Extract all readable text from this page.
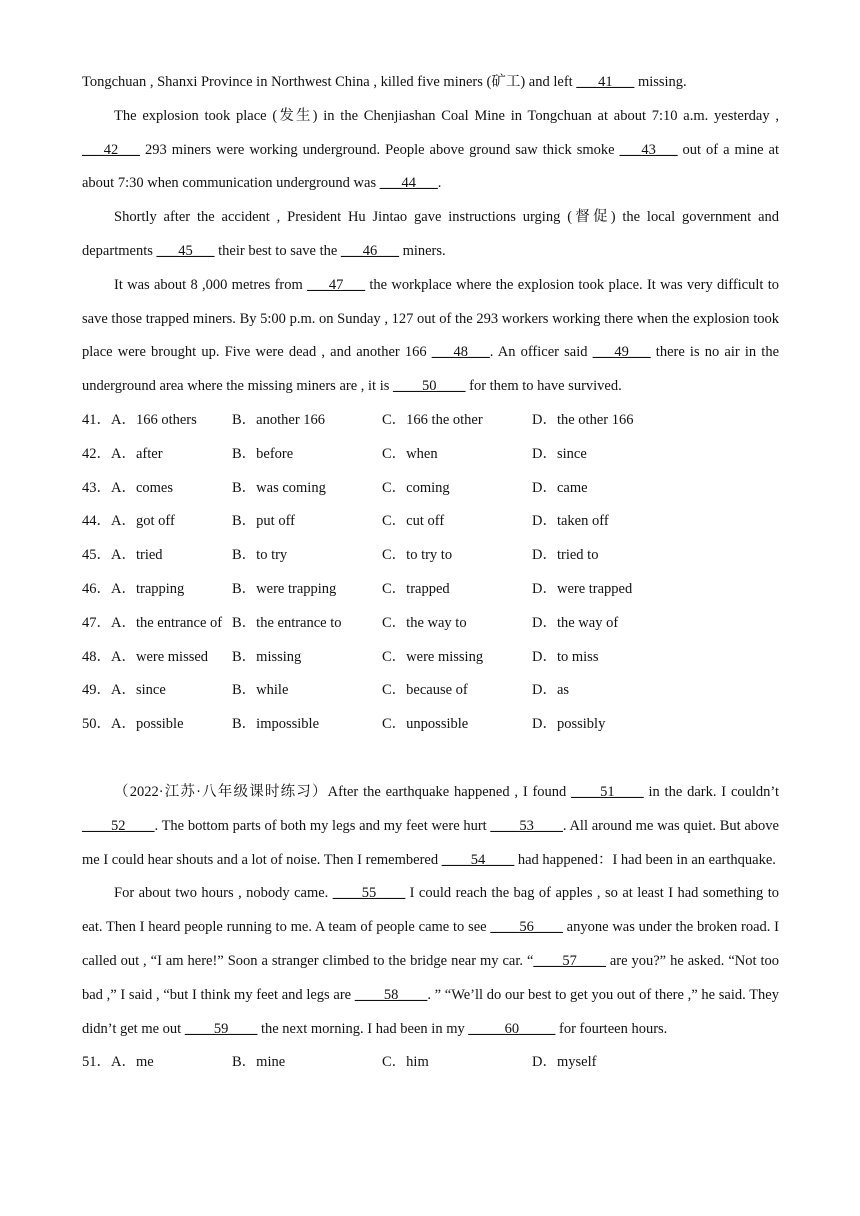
Tongchuan , Shanxi Province in Northwest China , killed five miners (矿工) and left ___41___ missing.

The explosion took place (发生) in the Chenjiashan Coal Mine in Tongchuan at about 7:10 a.m. yesterday , ___42___ 293 miners were working underground. People above ground saw thick smoke ___43___ out of a mine at about 7:30 when communication underground was ___44___.

Shortly after the accident , President Hu Jintao gave instructions urging (督促) the local government and departments ___45___ their best to save the ___46___ miners.

It was about 8 ,000 metres from ___47___ the workplace where the explosion took place. It was very difficult to save those trapped miners. By 5:00 p.m. on Sunday , 127 out of the 293 workers working there when the explosion took place were brought up. Five were dead , and another 166 ___48___. An officer said ___49___ there is no air in the underground area where the missing miners are , it is ____50____ for them to have survived.

41．A．166 others B．another 166	C．166 the other	D．the other 166
42．A．after	B．before	C．when	D．since
43．A．comes	B．was coming	C．coming	D．came
44．A．got off	B．put off	C．cut off	D．taken off
45．A．tried	B．to try	C．to try to	D．tried to
46．A．trapping	B．were trapping	C．trapped	D．were trapped
47．A．the entrance of B．the entrance to	C．the way to	D．the way of
48．A．were missed B．missing	C．were missing	D．to miss
49．A．since	B．while	C．because of	D．as
50．A．possible	B．impossible	C．unpossible	D．possibly

（2022·江苏·八年级课时练习）After the earthquake happened , I found ____51____ in the dark. I couldn’t ____52____. The bottom parts of both my legs and my feet were hurt ____53____. All around me was quiet. But above me I could hear shouts and a lot of noise. Then I remembered ____54____ had happened：I had been in an earthquake.

For about two hours , nobody came. ____55____ I could reach the bag of apples , so at least I had something to eat. Then I heard people running to me. A team of people came to see ____56____ anyone was under the broken road. I called out , “I am here!” Soon a stranger climbed to the bridge near my car. “____57____ are you?” he asked. “Not too bad ,” I said , “but I think my feet and legs are ____58____. ” “We’ll do our best to get you out of there ,” he said. They didn’t get me out ____59____ the next morning. I had been in my _____60_____ for fourteen hours.

51．A．me	B．mine	C．him	D．myself
